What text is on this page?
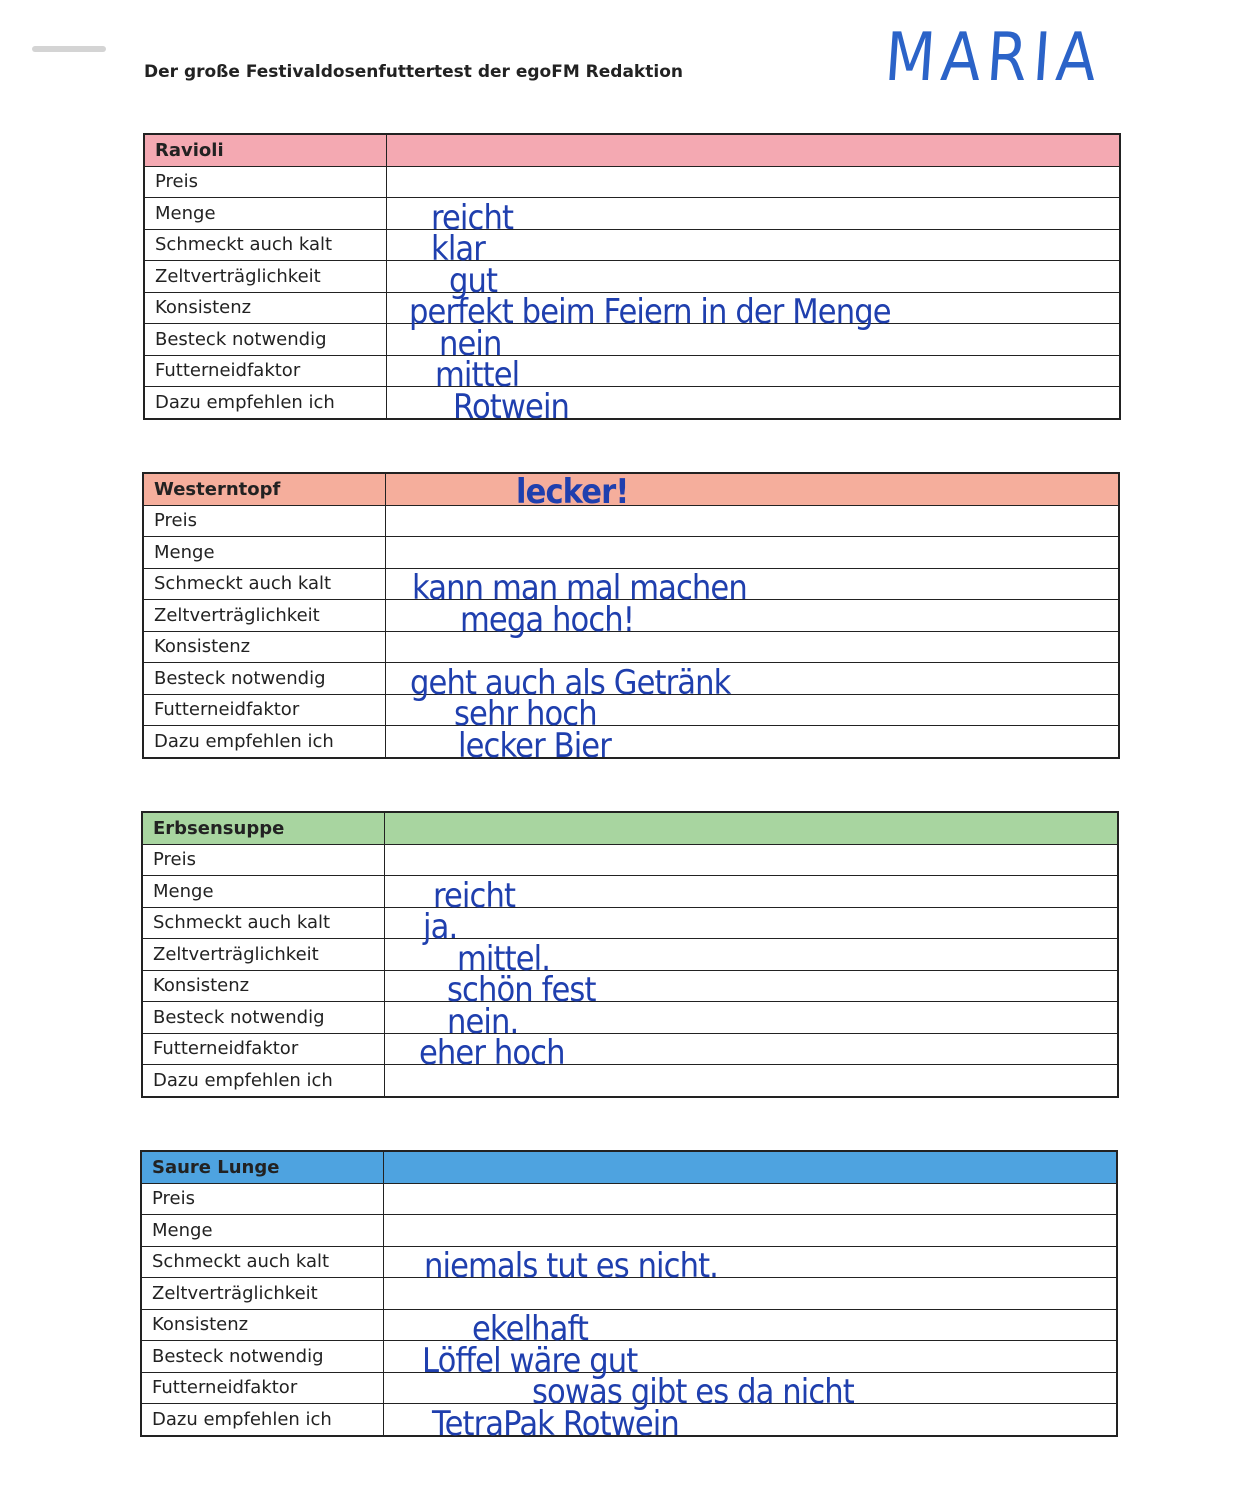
Der große Festivaldosenfuttertest der egoFM Redaktion	MARIA
Ravioli	
Preis	
Menge	reicht

Schmeckt auch kalt	klar

Zeltverträglichkeit	gut

Konsistenz	perfekt beim Feiern in der Menge

Besteck notwendig	nein

Futterneidfaktor	mittel

Dazu empfehlen ich	Rotwein
Westerntopf	lecker!

Preis	
Menge	
Schmeckt auch kalt	kann man mal machen

Zeltverträglichkeit	mega hoch!

Konsistenz	
Besteck notwendig	geht auch als Getränk

Futterneidfaktor	sehr hoch

Dazu empfehlen ich	lecker Bier
Erbsensuppe	
Preis	
Menge	reicht

Schmeckt auch kalt	ja.

Zeltverträglichkeit	mittel.

Konsistenz	schön fest

Besteck notwendig	nein.

Futterneidfaktor	eher hoch

Dazu empfehlen ich	
Saure Lunge	
Preis	
Menge	
Schmeckt auch kalt	niemals tut es nicht.

Zeltverträglichkeit	
Konsistenz	ekelhaft

Besteck notwendig	Löffel wäre gut

Futterneidfaktor	sowas gibt es da nicht

Dazu empfehlen ich	TetraPak Rotwein
